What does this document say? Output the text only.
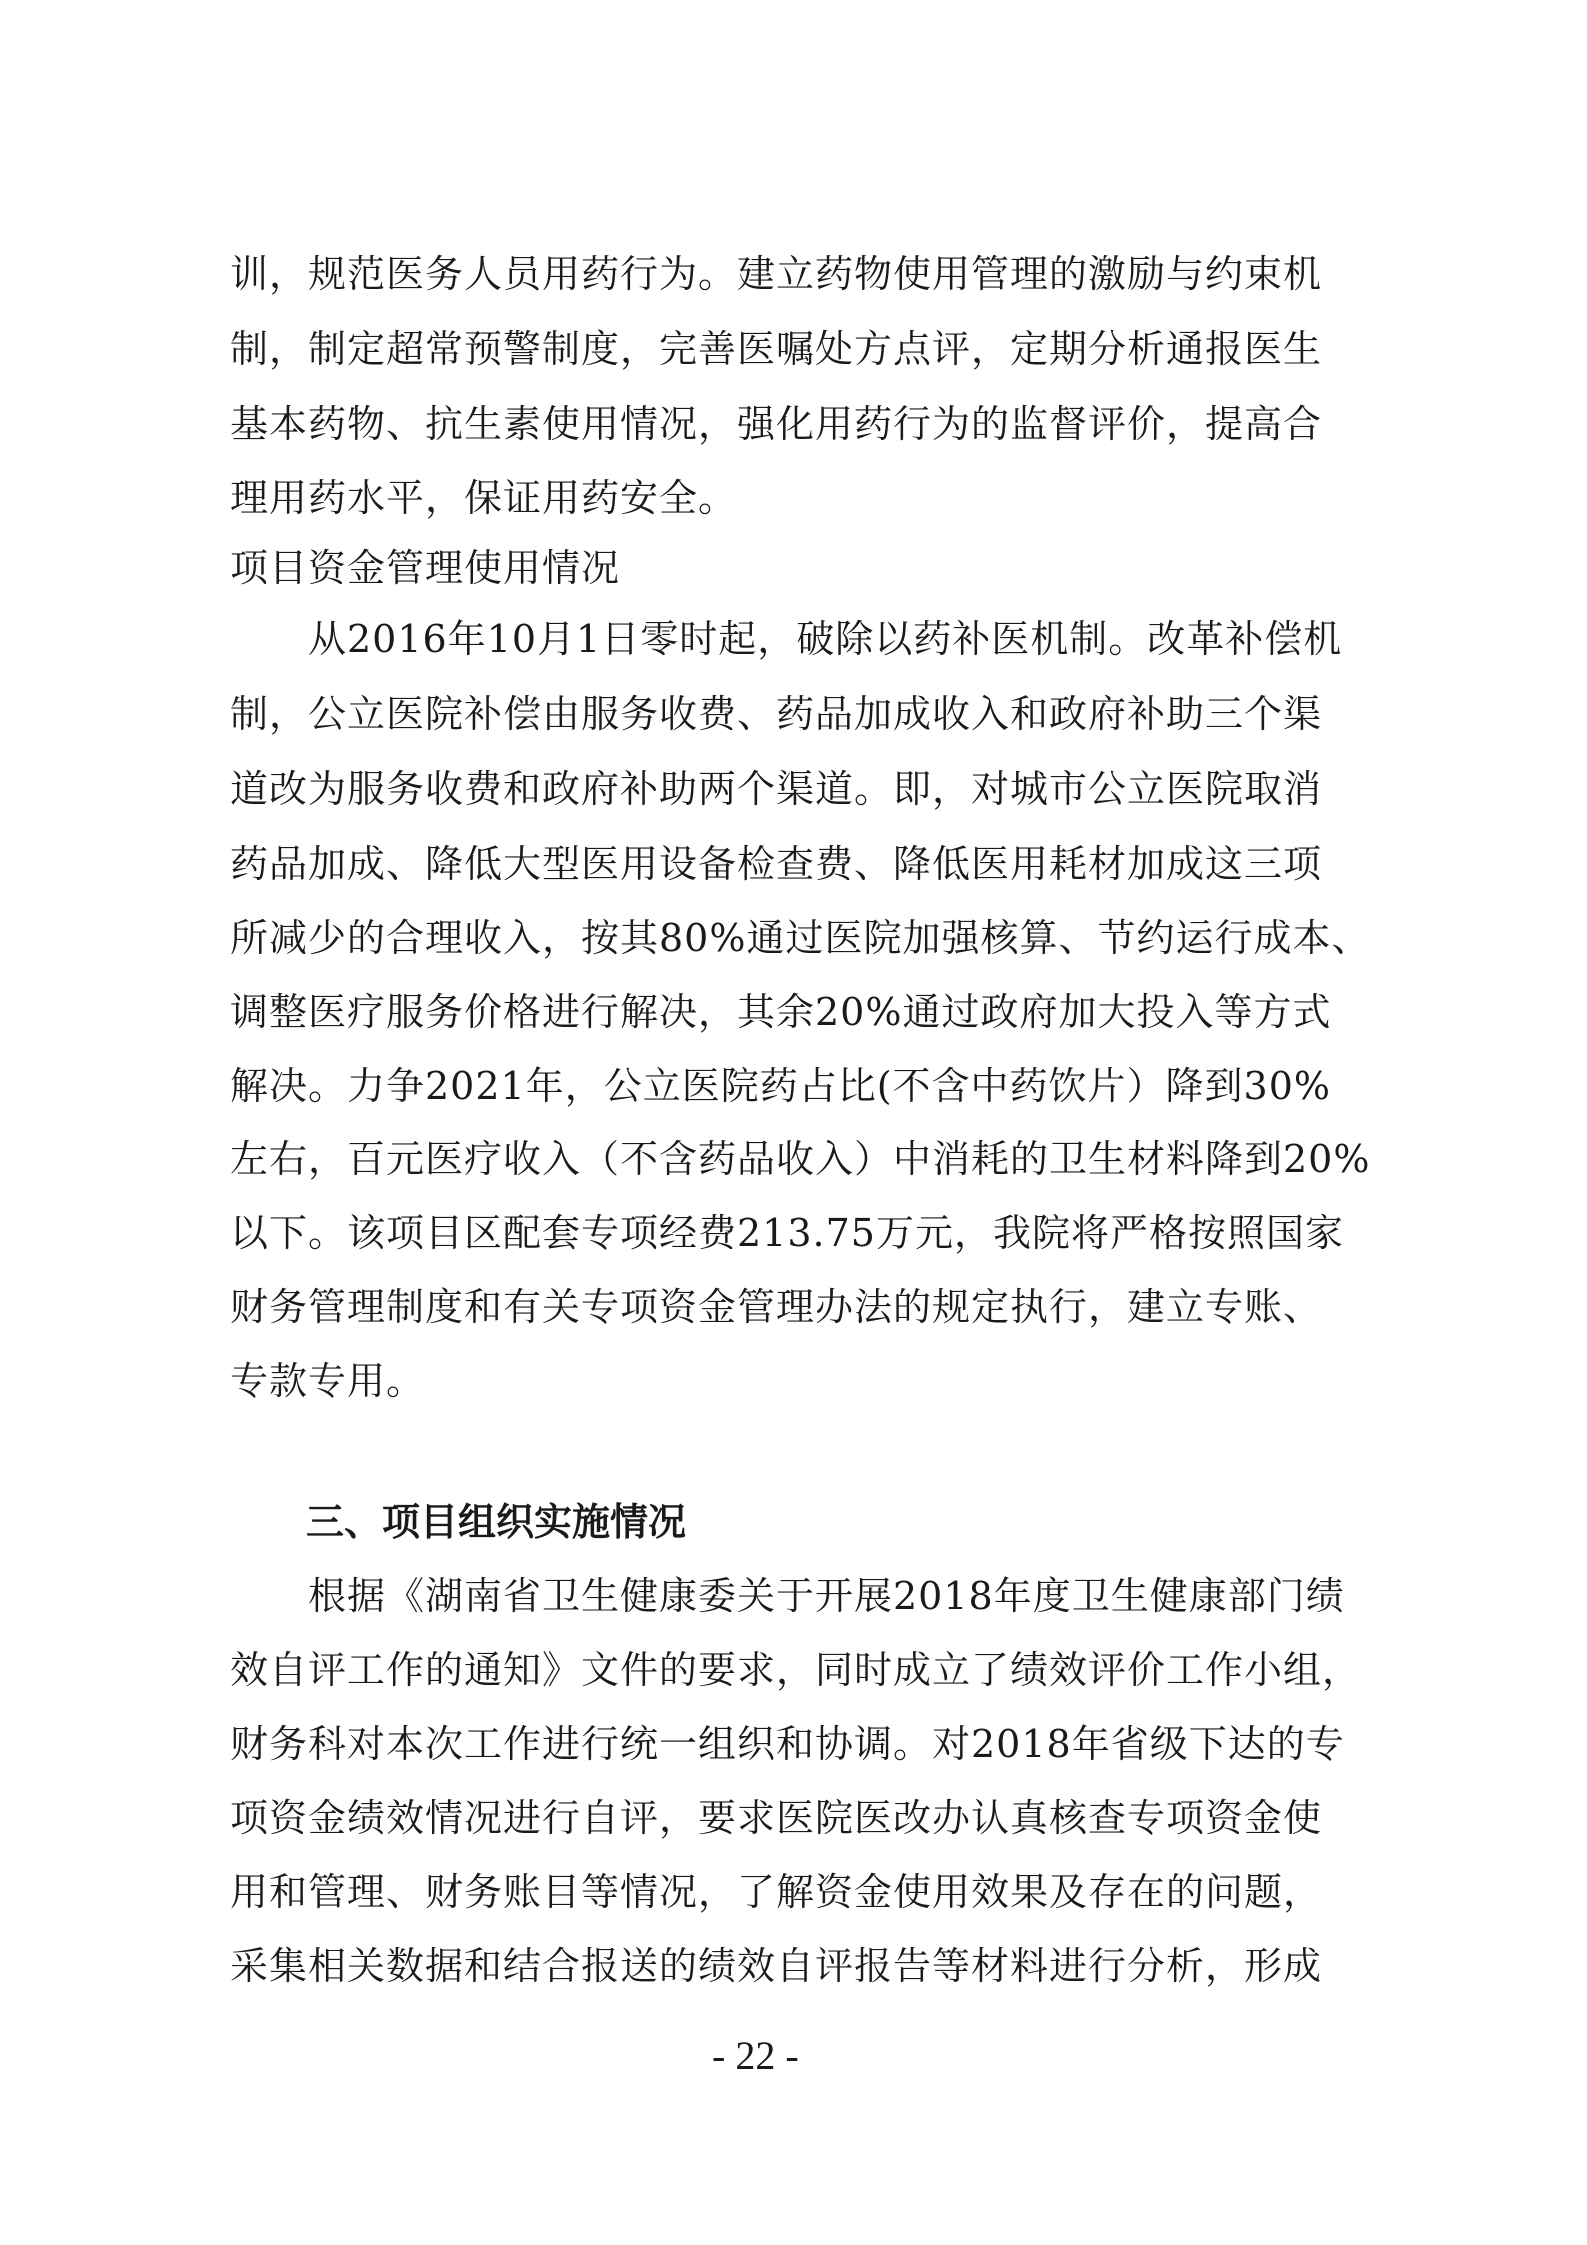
训，规范医务人员用药行为。建立药物使用管理的激励与约束机
制，制定超常预警制度，完善医嘱处方点评，定期分析通报医生
基本药物、抗生素使用情况，强化用药行为的监督评价，提高合
理用药水平，保证用药安全。
项目资金管理使用情况
　　从2016年10月1日零时起，破除以药补医机制。改革补偿机
制，公立医院补偿由服务收费、药品加成收入和政府补助三个渠
道改为服务收费和政府补助两个渠道。即，对城市公立医院取消
药品加成、降低大型医用设备检查费、降低医用耗材加成这三项
所减少的合理收入，按其80%通过医院加强核算、节约运行成本、
调整医疗服务价格进行解决，其余20%通过政府加大投入等方式
解决。力争2021年，公立医院药占比(不含中药饮片）降到30%
左右，百元医疗收入（不含药品收入）中消耗的卫生材料降到20%
以下。该项目区配套专项经费213.75万元，我院将严格按照国家
财务管理制度和有关专项资金管理办法的规定执行，建立专账、
专款专用。
　　三、项目组织实施情况
　　根据《湖南省卫生健康委关于开展2018年度卫生健康部门绩
效自评工作的通知》文件的要求，同时成立了绩效评价工作小组，
财务科对本次工作进行统一组织和协调。对2018年省级下达的专
项资金绩效情况进行自评，要求医院医改办认真核查专项资金使
用和管理、财务账目等情况，了解资金使用效果及存在的问题，
采集相关数据和结合报送的绩效自评报告等材料进行分析，形成
- 22 -
